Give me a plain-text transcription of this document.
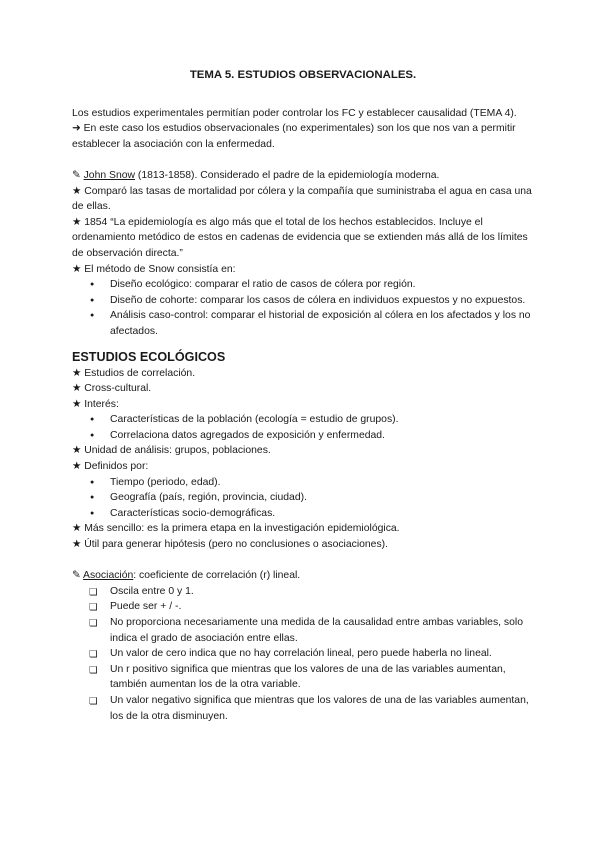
TEMA 5. ESTUDIOS OBSERVACIONALES.

Los estudios experimentales permitían poder controlar los FC y establecer causalidad (TEMA 4).

➜ En este caso los estudios observacionales (no experimentales) son los que nos van a permitir establecer la asociación con la enfermedad.

✎ John Snow (1813-1858). Considerado el padre de la epidemiología moderna.

★ Comparó las tasas de mortalidad por cólera y la compañía que suministraba el agua en casa una de ellas.

★ 1854 “La epidemiología es algo más que el total de los hechos establecidos. Incluye el ordenamiento metódico de estos en cadenas de evidencia que se extienden más allá de los límites de observación directa.”

★ El método de Snow consistía en:

● Diseño ecológico: comparar el ratio de casos de cólera por región.
● Diseño de cohorte: comparar los casos de cólera en individuos expuestos y no expuestos.
● Análisis caso-control: comparar el historial de exposición al cólera en los afectados y los no afectados.

ESTUDIOS ECOLÓGICOS

★ Estudios de correlación.

★ Cross-cultural.

★ Interés:

● Características de la población (ecología = estudio de grupos).
● Correlaciona datos agregados de exposición y enfermedad.

★ Unidad de análisis: grupos, poblaciones.

★ Definidos por:

● Tiempo (periodo, edad).
● Geografía (país, región, provincia, ciudad).
● Características socio-demográficas.

★ Más sencillo: es la primera etapa en la investigación epidemiológica.

★ Útil para generar hipótesis (pero no conclusiones o asociaciones).

✎ Asociación: coeficiente de correlación (r) lineal.

❏ Oscila entre 0 y 1.
❏ Puede ser + / -.
❏ No proporciona necesariamente una medida de la causalidad entre ambas variables, solo indica el grado de asociación entre ellas.
❏ Un valor de cero indica que no hay correlación lineal, pero puede haberla no lineal.
❏ Un r positivo significa que mientras que los valores de una de las variables aumentan, también aumentan los de la otra variable.
❏ Un valor negativo significa que mientras que los valores de una de las variables aumentan, los de la otra disminuyen.
